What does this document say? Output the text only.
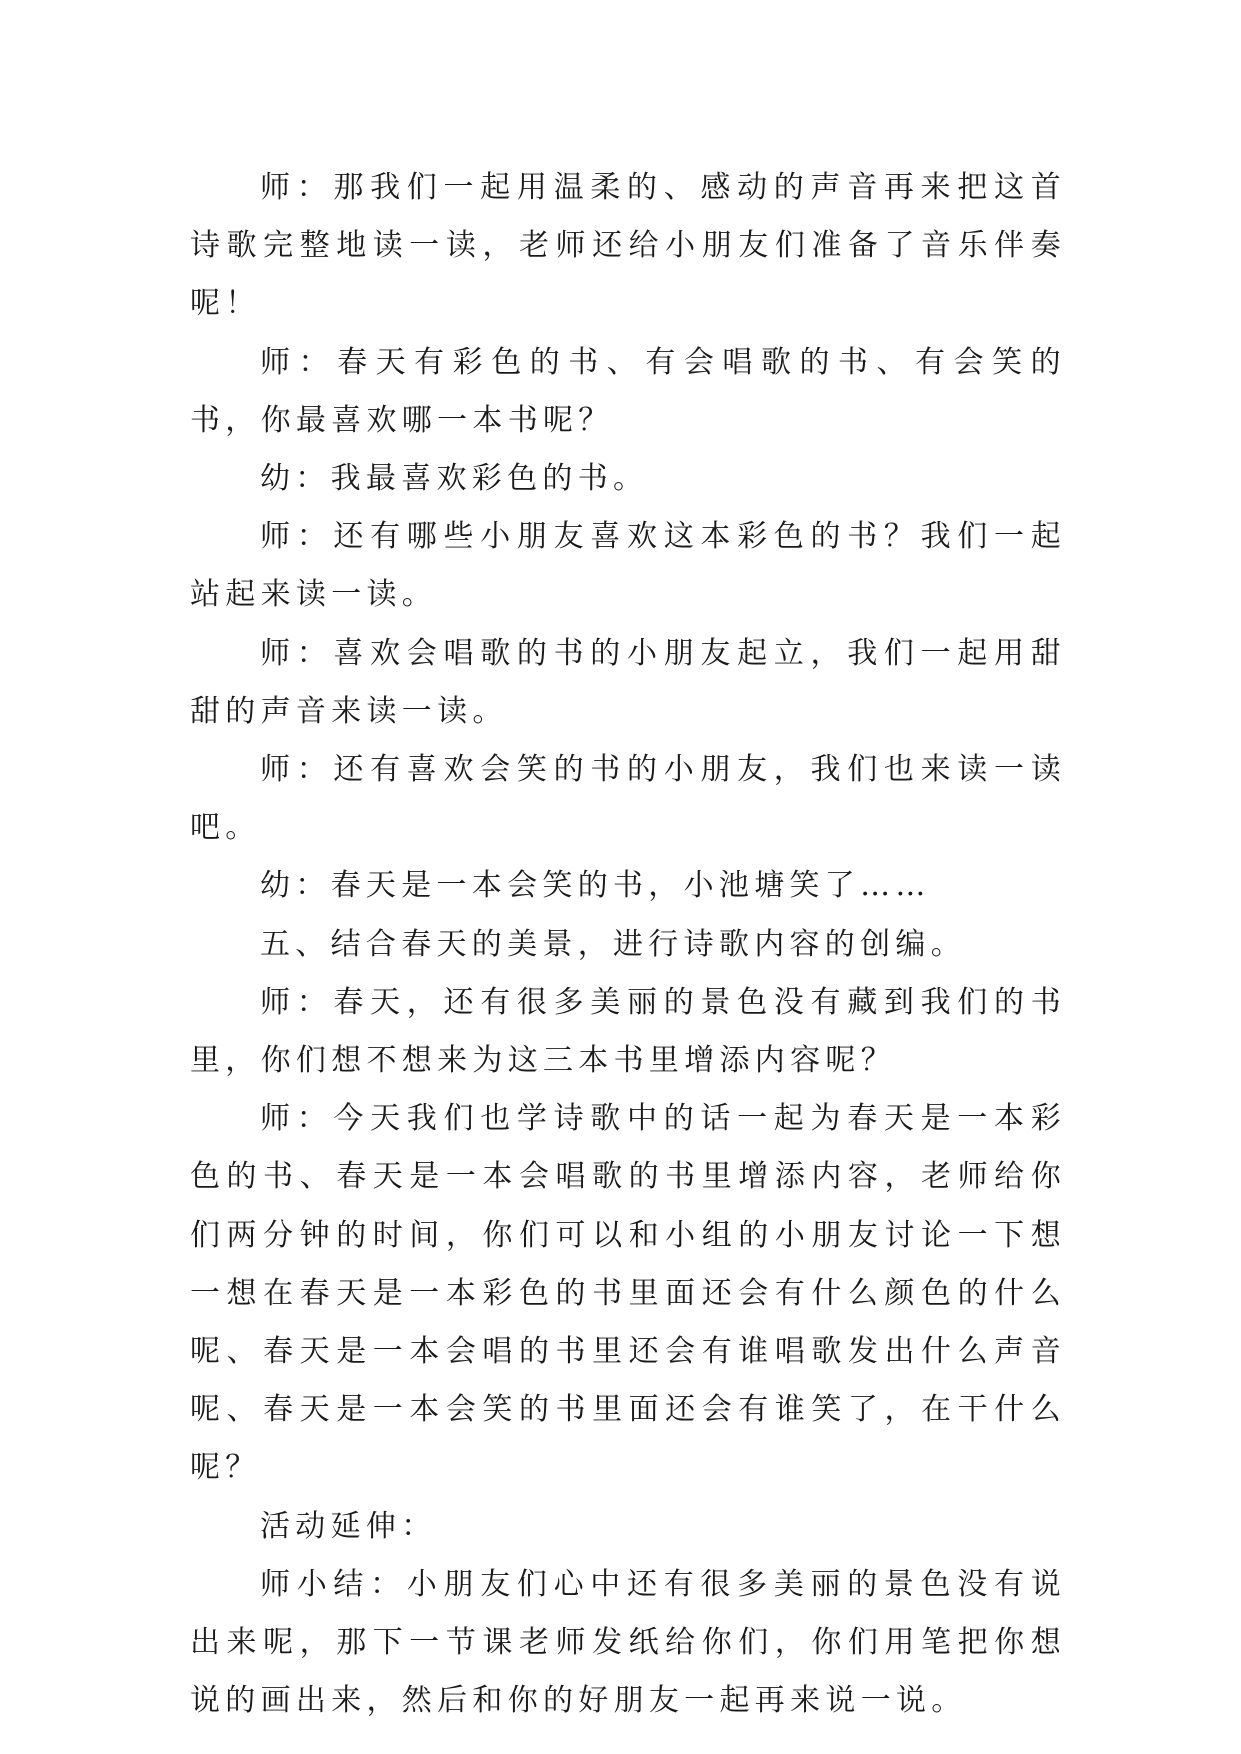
师：那我们一起用温柔的、感动的声音再来把这首诗歌完整地读一读，老师还给小朋友们准备了音乐伴奏呢！

师：春天有彩色的书、有会唱歌的书、有会笑的书，你最喜欢哪一本书呢？

幼：我最喜欢彩色的书。

师：还有哪些小朋友喜欢这本彩色的书？我们一起站起来读一读。

师：喜欢会唱歌的书的小朋友起立，我们一起用甜甜的声音来读一读。

师：还有喜欢会笑的书的小朋友，我们也来读一读吧。

幼：春天是一本会笑的书，小池塘笑了……

五、结合春天的美景，进行诗歌内容的创编。

师：春天，还有很多美丽的景色没有藏到我们的书里，你们想不想来为这三本书里增添内容呢？

师：今天我们也学诗歌中的话一起为春天是一本彩色的书、春天是一本会唱歌的书里增添内容，老师给你们两分钟的时间，你们可以和小组的小朋友讨论一下想一想在春天是一本彩色的书里面还会有什么颜色的什么呢、春天是一本会唱的书里还会有谁唱歌发出什么声音呢、春天是一本会笑的书里面还会有谁笑了，在干什么呢？

活动延伸：

师小结：小朋友们心中还有很多美丽的景色没有说出来呢，那下一节课老师发纸给你们，你们用笔把你想说的画出来，然后和你的好朋友一起再来说一说。
